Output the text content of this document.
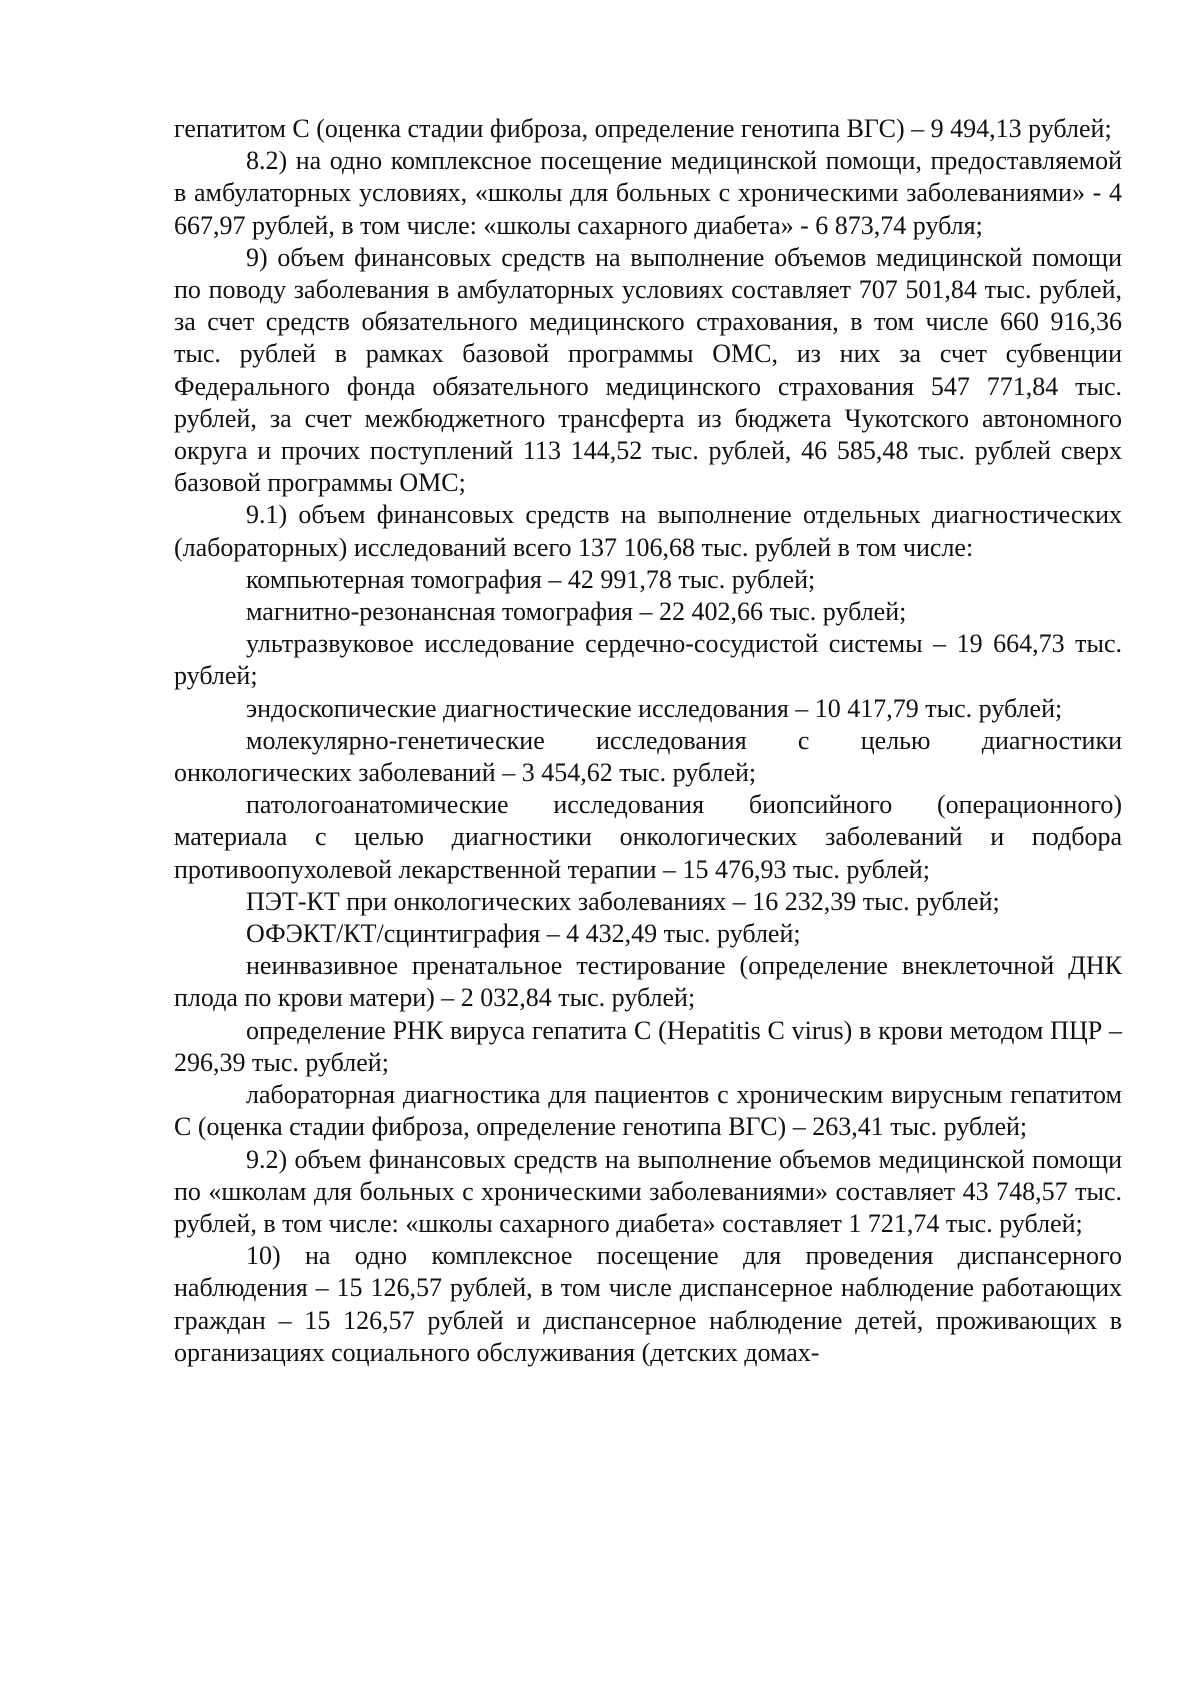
гепатитом С (оценка стадии фиброза, определение генотипа ВГС) – 9 494,13 рублей;

8.2) на одно комплексное посещение медицинской помощи, предоставляемой в амбулаторных условиях, «школы для больных с хроническими заболеваниями» - 4 667,97 рублей, в том числе: «школы сахарного диабета» - 6 873,74 рубля;

9) объем финансовых средств на выполнение объемов медицинской помощи по поводу заболевания в амбулаторных условиях составляет 707 501,84 тыс. рублей, за счет средств обязательного медицинского страхования, в том числе 660 916,36 тыс. рублей в рамках базовой программы ОМС, из них за счет субвенции Федерального фонда обязательного медицинского страхования 547 771,84 тыс. рублей, за счет межбюджетного трансферта из бюджета Чукотского автономного округа и прочих поступлений 113 144,52 тыс. рублей, 46 585,48 тыс. рублей сверх базовой программы ОМС;

9.1) объем финансовых средств на выполнение отдельных диагностических (лабораторных) исследований всего 137 106,68 тыс. рублей в том числе:

компьютерная томография – 42 991,78 тыс. рублей;

магнитно-резонансная томография – 22 402,66 тыс. рублей;

ультразвуковое исследование сердечно-сосудистой системы – 19 664,73 тыс. рублей;

эндоскопические диагностические исследования – 10 417,79 тыс. рублей;

молекулярно-генетические исследования с целью диагностики онкологических заболеваний – 3 454,62 тыс. рублей;

патологоанатомические исследования биопсийного (операционного) материала с целью диагностики онкологических заболеваний и подбора противоопухолевой лекарственной терапии – 15 476,93 тыс. рублей;

ПЭТ-КТ при онкологических заболеваниях – 16 232,39 тыс. рублей;

ОФЭКТ/КТ/сцинтиграфия – 4 432,49 тыс. рублей;

неинвазивное пренатальное тестирование (определение внеклеточной ДНК плода по крови матери) – 2 032,84 тыс. рублей;

определение РНК вируса гепатита С (Hepatitis C virus) в крови методом ПЦР – 296,39 тыс. рублей;

лабораторная диагностика для пациентов с хроническим вирусным гепатитом С (оценка стадии фиброза, определение генотипа ВГС) – 263,41 тыс. рублей;

9.2) объем финансовых средств на выполнение объемов медицинской помощи по «школам для больных с хроническими заболеваниями» составляет 43 748,57 тыс. рублей, в том числе: «школы сахарного диабета» составляет 1 721,74 тыс. рублей;

10) на одно комплексное посещение для проведения диспансерного наблюдения – 15 126,57 рублей, в том числе диспансерное наблюдение работающих граждан – 15 126,57 рублей и диспансерное наблюдение детей, проживающих в организациях социального обслуживания (детских домах-
